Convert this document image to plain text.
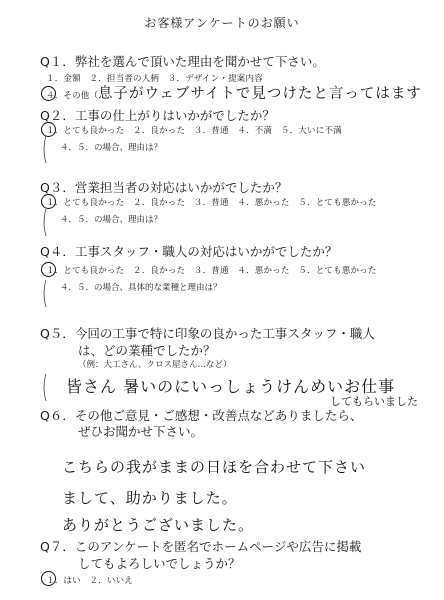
お客様アンケートのお願い
Q１．弊社を選んで頂いた理由を聞かせて下さい。
１．金額　２．担当者の人柄　３．デザイン・提案内容
４．その他（ 息子がウェブサイトで見つけたと言ってはます
Q２．工事の仕上がりはいかがでしたか？
１．とても良かった　２．良かった　３．普通　４．不満　５．大いに不満
４．５．の場合、理由は？
(
Q３．営業担当者の対応はいかがでしたか？
１．とても良かった　２．良かった　３．普通　４．悪かった　５．とても悪かった
４．５．の場合、理由は？
(
Q４．工事スタッフ・職人の対応はいかがでしたか？
１．とても良かった　２．良かった　３．普通　４．悪かった　５．とても悪かった
４．５．の場合、具体的な業種と理由は？
(
Q５．今回の工事で特に印象の良かった工事スタッフ・職人
は、どの業種でしたか？
（例：大工さん、クロス屋さん…など）
( 皆さん 暑いのにいっしょうけんめいお仕事
してもらいました
Q６．その他ご意見・ご感想・改善点などありましたら、
ぜひお聞かせ下さい。
こちらの我がままの日ほを合わせて下さい
まして、助かりました。
ありがとうございました。
Q７．このアンケートを匿名でホームページや広告に掲載
してもよろしいでしょうか？
１．はい　２．いいえ
